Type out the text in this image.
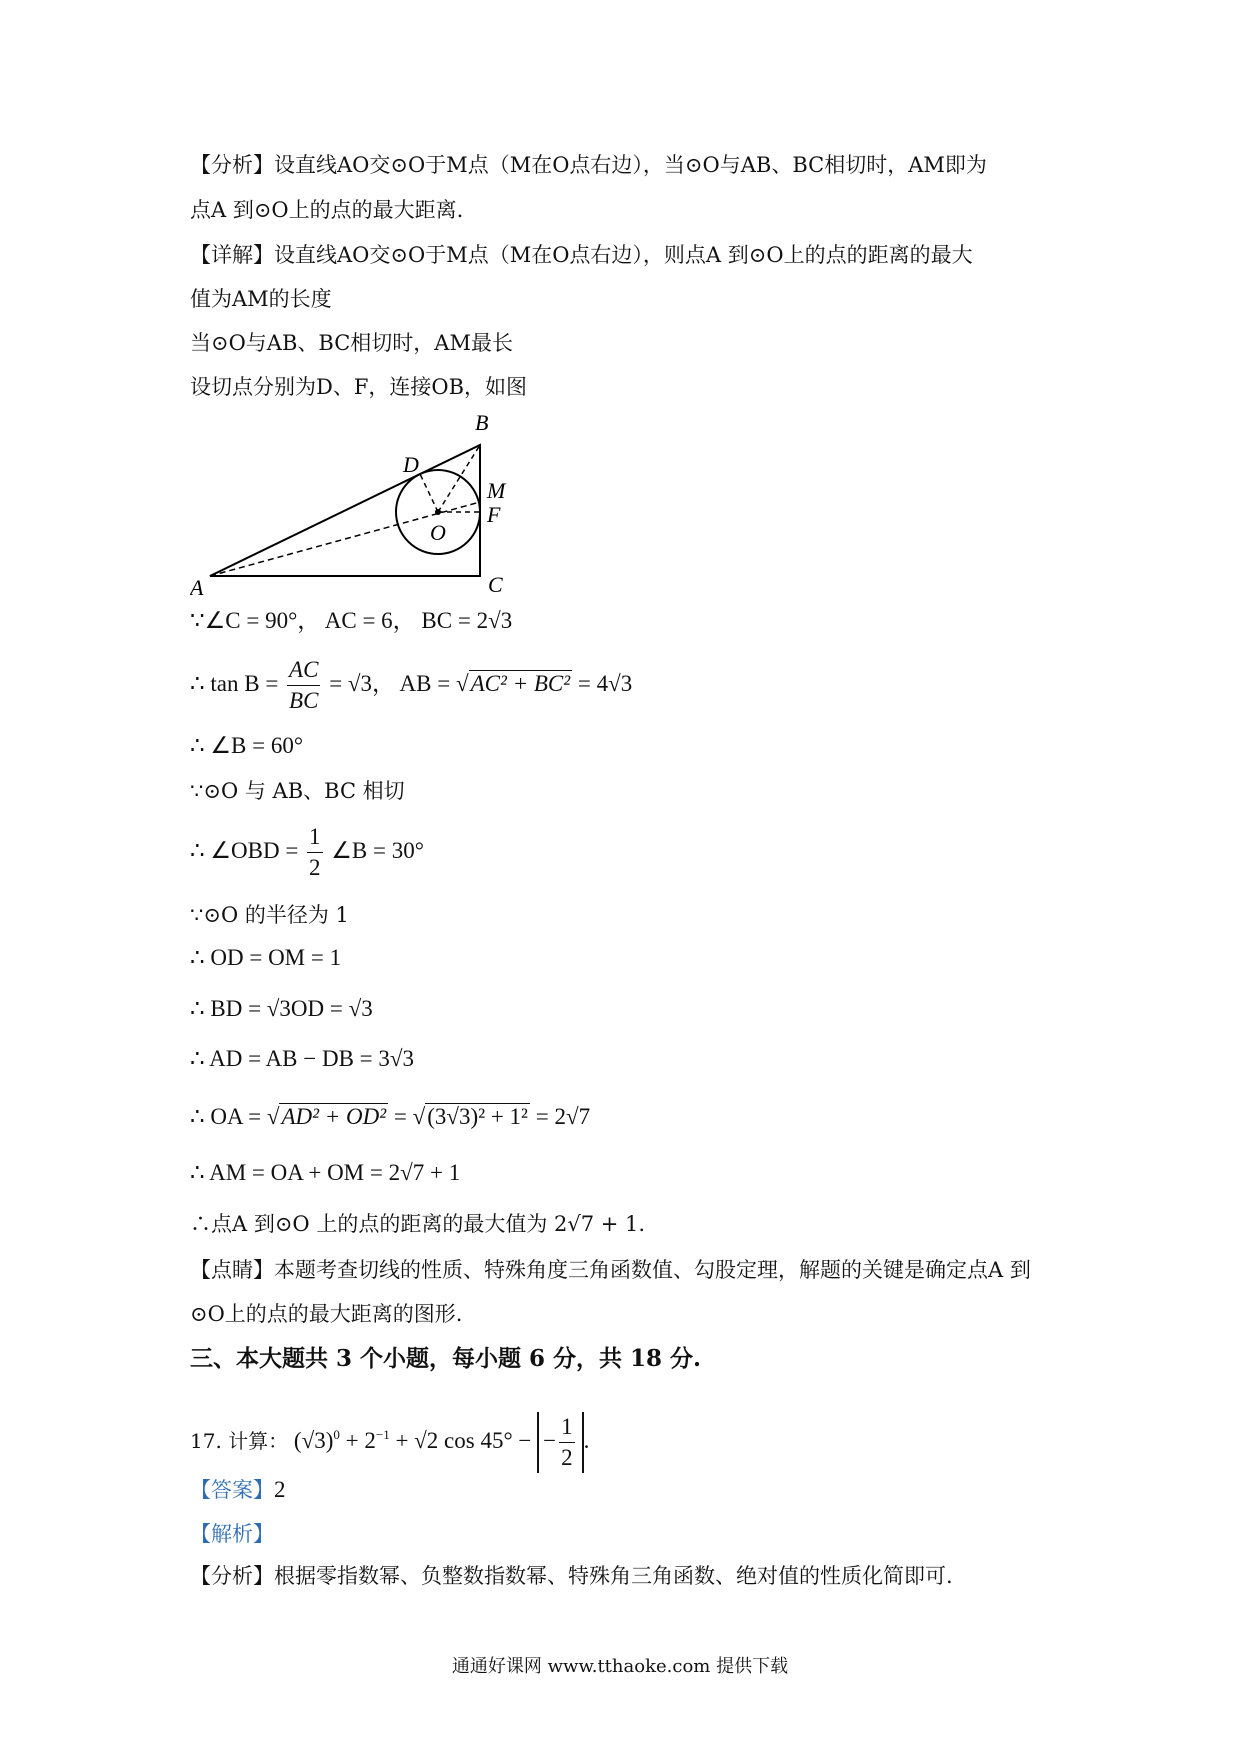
【分析】设直线AO交⊙O于M点（M在O点右边），当⊙O与AB、BC相切时，AM即为
点A 到⊙O上的点的最大距离.
【详解】设直线AO交⊙O于M点（M在O点右边），则点A 到⊙O上的点的距离的最大
值为AM的长度
当⊙O与AB、BC相切时，AM最长
设切点分别为D、F，连接OB，如图
A
B
C
D
M
F
O
∵∠C = 90°， AC = 6， BC = 2√3
∴ $\tan B = \frac{AC}{BC} = √3$， AB = √AC² + BC² = 4√3
∴ ∠B = 60°
∵⊙O 与 AB、BC 相切
∴ ∠OBD = $\frac{1}{2}$ ∠B = 30°
∵⊙O 的半径为 1
∴ OD = OM = 1
∴ BD = √3OD = √3
∴ AD = AB − DB = 3√3
∴ OA = √AD² + OD² = √(3√3)² + 1² = 2√7
∴ AM = OA + OM = 2√7 + 1
∴点A 到⊙O 上的点的距离的最大值为 2√7 + 1.
【点睛】本题考查切线的性质、特殊角度三角函数值、勾股定理，解题的关键是确定点A 到
⊙O上的点的最大距离的图形.
三、本大题共 3 个小题，每小题 6 分，共 18 分.
17. 计算： $(√3)^0 + 2^{-1} + √2$ cos 45° − − $\frac{1}{2}$ .
【答案】2
【解析】
【分析】根据零指数幂、负整数指数幂、特殊角三角函数、绝对值的性质化简即可.
通通好课网 www.tthaoke.com 提供下载
